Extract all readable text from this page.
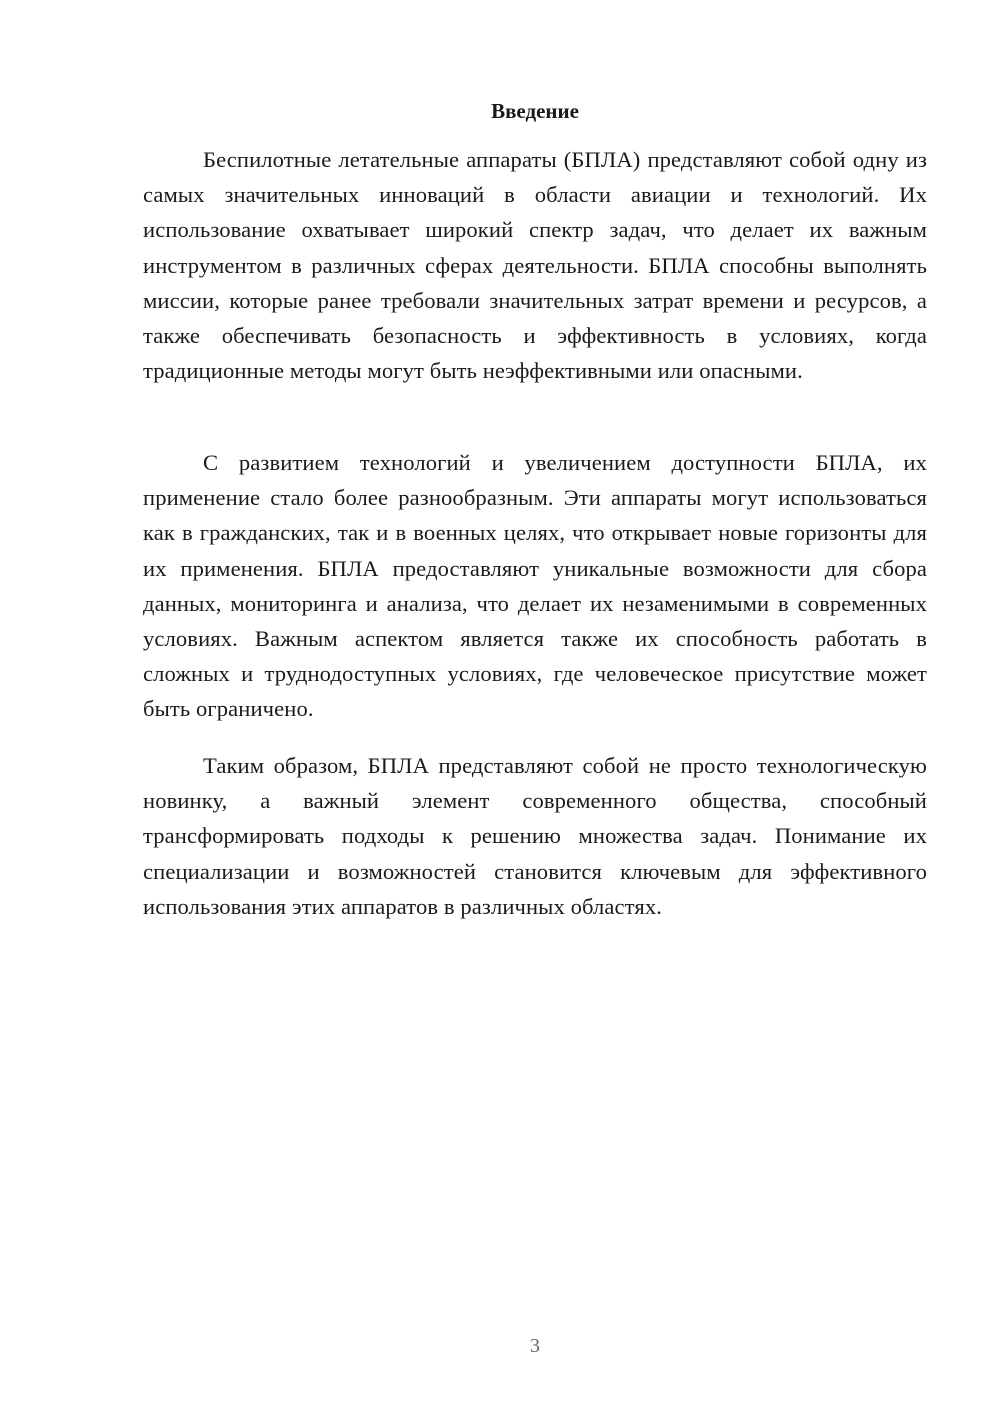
Введение

Беспилотные летательные аппараты (БПЛА) представляют собой одну из самых значительных инноваций в области авиации и технологий. Их использование охватывает широкий спектр задач, что делает их важным инструментом в различных сферах деятельности. БПЛА способны выполнять миссии, которые ранее требовали значительных затрат времени и ресурсов, а также обеспечивать безопасность и эффективность в условиях, когда традиционные методы могут быть неэффективными или опасными.

С развитием технологий и увеличением доступности БПЛА, их применение стало более разнообразным. Эти аппараты могут использоваться как в гражданских, так и в военных целях, что открывает новые горизонты для их применения. БПЛА предоставляют уникальные возможности для сбора данных, мониторинга и анализа, что делает их незаменимыми в современных условиях. Важным аспектом является также их способность работать в сложных и труднодоступных условиях, где человеческое присутствие может быть ограничено.

Таким образом, БПЛА представляют собой не просто технологическую новинку, а важный элемент современного общества, способный трансформировать подходы к решению множества задач. Понимание их специализации и возможностей становится ключевым для эффективного использования этих аппаратов в различных областях.

3
